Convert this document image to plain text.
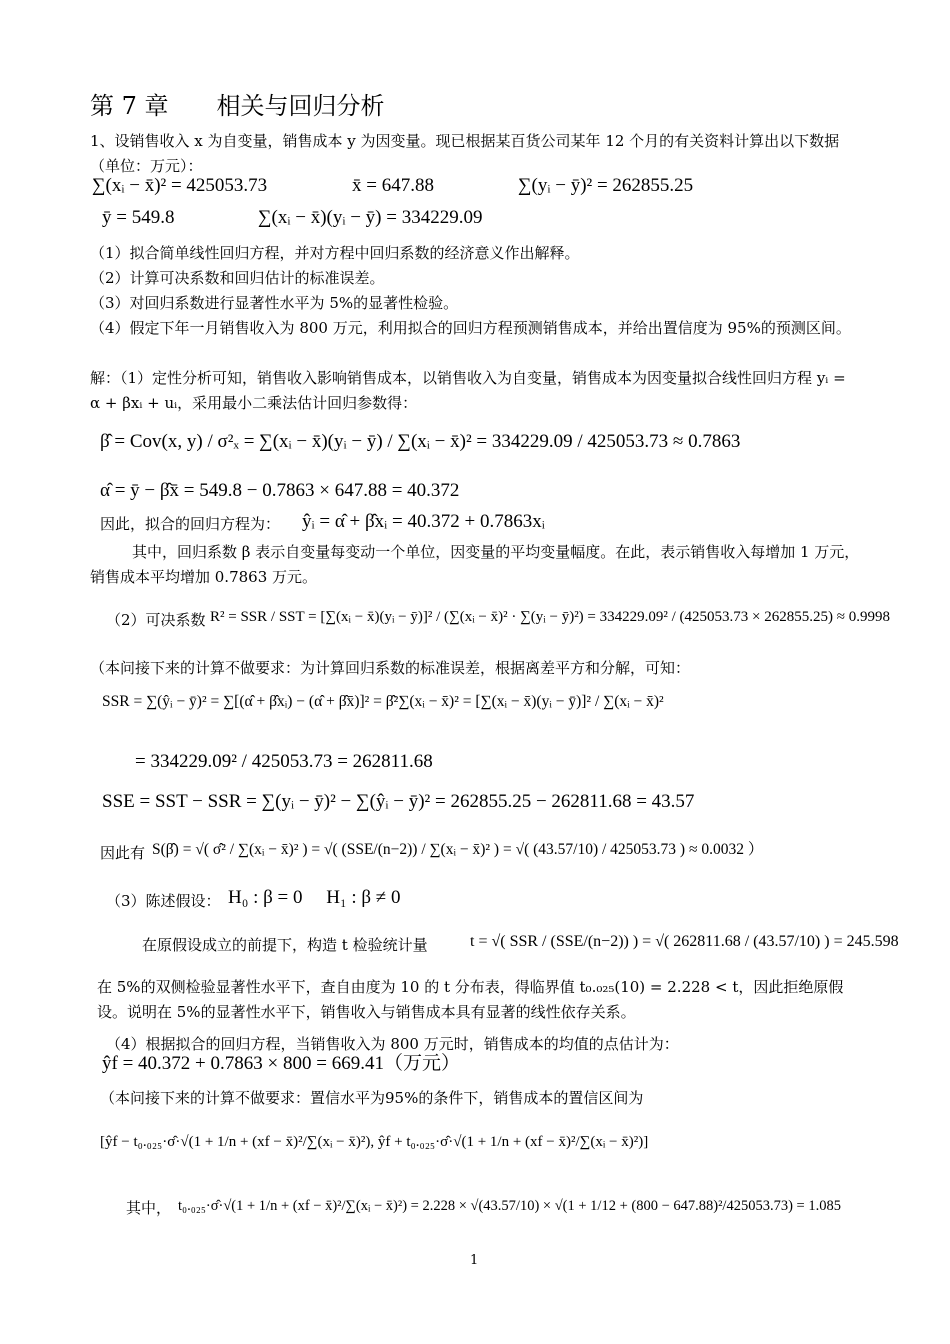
第 7 章　　相关与回归分析
1、设销售收入 x 为自变量，销售成本 y 为因变量。现已根据某百货公司某年 12 个月的有关资料计算出以下数据（单位：万元）：
∑(xᵢ − x̄)² = 425053.73	x̄ = 647.88	∑(yᵢ − ȳ)² = 262855.25
ȳ = 549.8	∑(xᵢ − x̄)(yᵢ − ȳ) = 334229.09
（1）拟合简单线性回归方程，并对方程中回归系数的经济意义作出解释。
（2）计算可决系数和回归估计的标准误差。
（3）对回归系数进行显著性水平为 5%的显著性检验。
（4）假定下年一月销售收入为 800 万元，利用拟合的回归方程预测销售成本，并给出置信度为 95%的预测区间。
解：（1）定性分析可知，销售收入影响销售成本，以销售收入为自变量，销售成本为因变量拟合线性回归方程 yᵢ = α + βxᵢ + uᵢ，采用最小二乘法估计回归参数得：
β̂ = Cov(x, y) / σ²ₓ = ∑(xᵢ − x̄)(yᵢ − ȳ) / ∑(xᵢ − x̄)² = 334229.09 / 425053.73 ≈ 0.7863
α̂ = ȳ − β̂x̄ = 549.8 − 0.7863 × 647.88 = 40.372
因此，拟合的回归方程为： ŷᵢ = α̂ + β̂xᵢ = 40.372 + 0.7863xᵢ
其中，回归系数 β 表示自变量每变动一个单位，因变量的平均变量幅度。在此，表示销售收入每增加 1 万元，销售成本平均增加 0.7863 万元。
（2）可决系数 R² = SSR / SST = [∑(xᵢ − x̄)(yᵢ − ȳ)]² / (∑(xᵢ − x̄)² · ∑(yᵢ − ȳ)²) = 334229.09² / (425053.73 × 262855.25) ≈ 0.9998
（本问接下来的计算不做要求：为计算回归系数的标准误差，根据离差平方和分解，可知：
SSR = ∑(ŷᵢ − ȳ)² = ∑[(α̂ + β̂xᵢ) − (α̂ + β̂x̄)]² = β̂²∑(xᵢ − x̄)² = [∑(xᵢ − x̄)(yᵢ − ȳ)]² / ∑(xᵢ − x̄)²
= 334229.09² / 425053.73 = 262811.68
SSE = SST − SSR = ∑(yᵢ − ȳ)² − ∑(ŷᵢ − ȳ)² = 262855.25 − 262811.68 = 43.57
因此有 S(β̂) = √( σ̂² / ∑(xᵢ − x̄)² ) = √( (SSE/(n−2)) / ∑(xᵢ − x̄)² ) = √( (43.57/10) / 425053.73 ) ≈ 0.0032 ）
（3）陈述假设： H₀ : β = 0　 H₁ : β ≠ 0
在原假设成立的前提下，构造 t 检验统计量	t = √( SSR / (SSE/(n−2)) ) = √( 262811.68 / (43.57/10) ) = 245.598
在 5%的双侧检验显著性水平下，查自由度为 10 的 t 分布表，得临界值 t₀.₀₂₅(10) = 2.228 < t，因此拒绝原假设。说明在 5%的显著性水平下，销售收入与销售成本具有显著的线性依存关系。
（4）根据拟合的回归方程，当销售收入为 800 万元时，销售成本的均值的点估计为：
ŷf = 40.372 + 0.7863 × 800 = 669.41（万元）
（本问接下来的计算不做要求：置信水平为95%的条件下，销售成本的置信区间为
[ŷf − t₀.₀₂₅·σ̂·√(1 + 1/n + (xf − x̄)²/∑(xᵢ − x̄)²), ŷf + t₀.₀₂₅·σ̂·√(1 + 1/n + (xf − x̄)²/∑(xᵢ − x̄)²)]
其中， t₀.₀₂₅·σ̂·√(1 + 1/n + (xf − x̄)²/∑(xᵢ − x̄)²) = 2.228 × √(43.57/10) × √(1 + 1/12 + (800 − 647.88)²/425053.73) = 1.085
1
